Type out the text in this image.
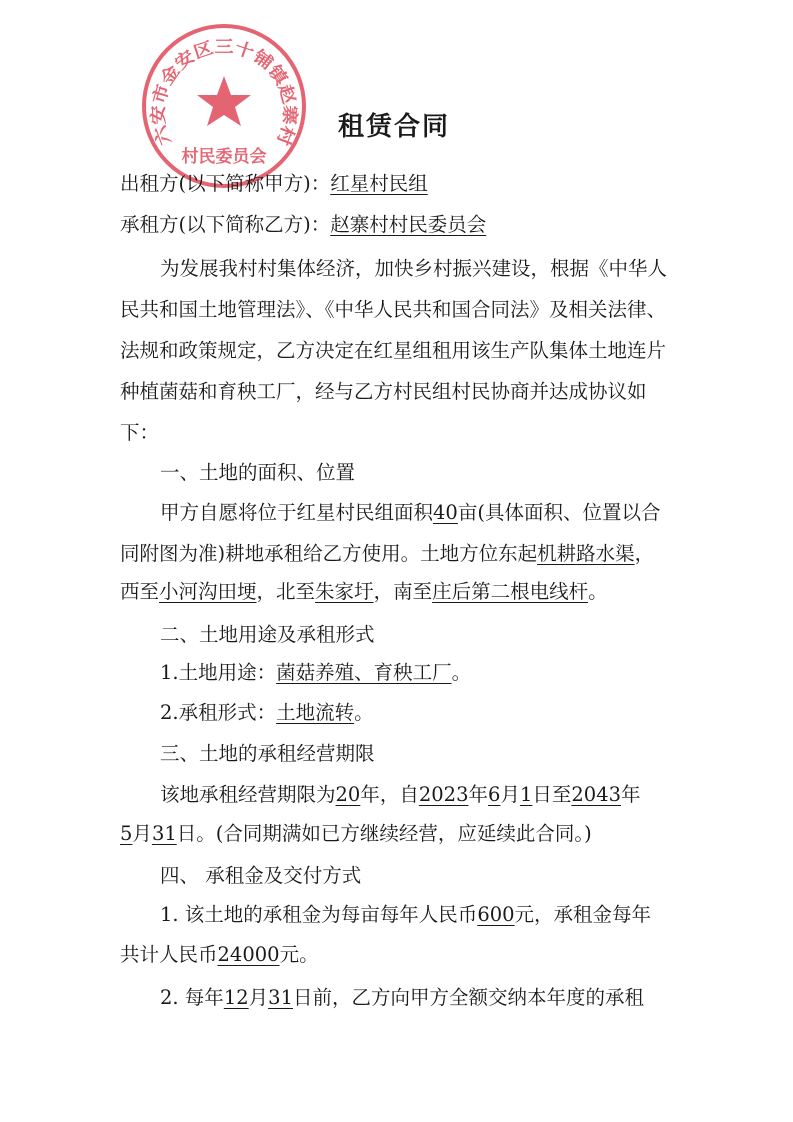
六安市金安区三十铺镇赵寨村
村民委员会
租赁合同
出租方(以下简称甲方)：红星村民组
承租方(以下简称乙方)：赵寨村村民委员会
为发展我村村集体经济，加快乡村振兴建设，根据《中华人
民共和国土地管理法》、《中华人民共和国合同法》及相关法律、
法规和政策规定，乙方决定在红星组租用该生产队集体土地连片
种植菌菇和育秧工厂，经与乙方村民组村民协商并达成协议如
下：
一、土地的面积、位置
甲方自愿将位于红星村民组面积40亩(具体面积、位置以合
同附图为准)耕地承租给乙方使用。土地方位东起机耕路水渠，
西至小河沟田埂，北至朱家圩，南至庄后第二根电线杆。
二、土地用途及承租形式
1.土地用途：菌菇养殖、育秧工厂。
2.承租形式：土地流转。
三、土地的承租经营期限
该地承租经营期限为20年，自2023年6月1日至2043年
5月31日。(合同期满如已方继续经营，应延续此合同。)
四、 承租金及交付方式
1. 该土地的承租金为每亩每年人民币600元，承租金每年
共计人民币24000元。
2. 每年12月31日前，乙方向甲方全额交纳本年度的承租
